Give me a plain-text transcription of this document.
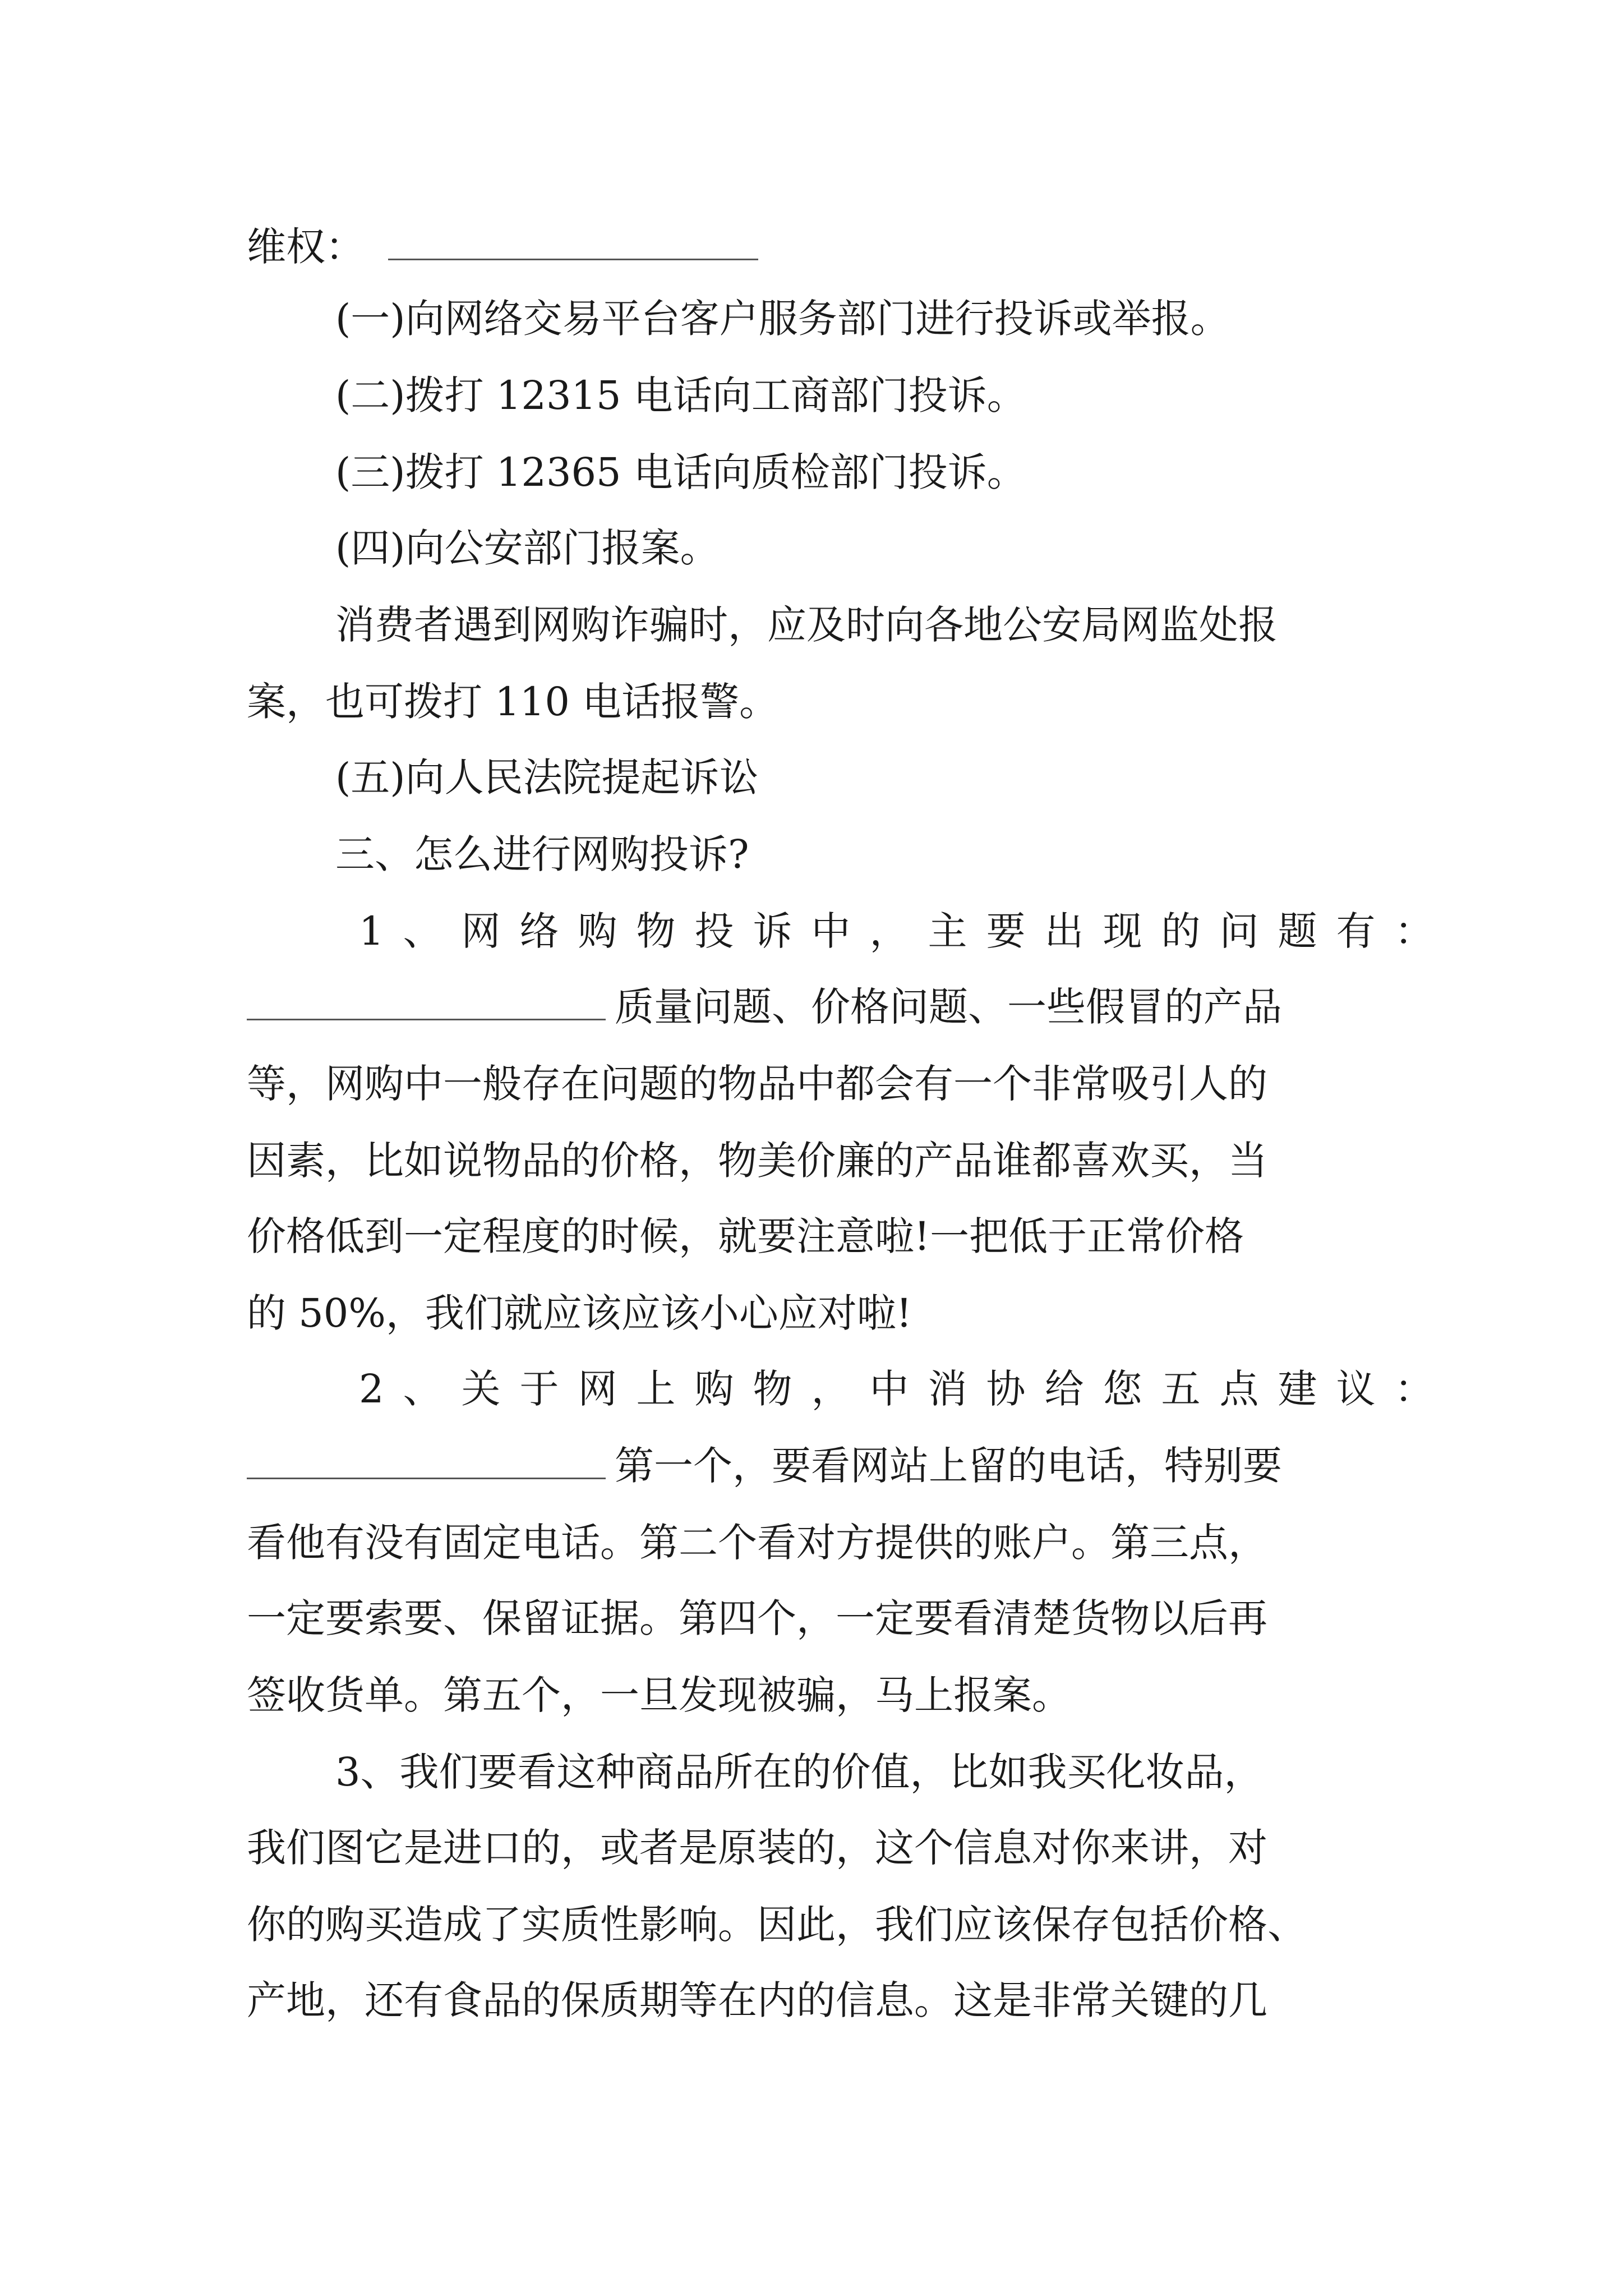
维权：
(一)向网络交易平台客户服务部门进行投诉或举报。
(二)拨打 12315 电话向工商部门投诉。
(三)拨打 12365 电话向质检部门投诉。
(四)向公安部门报案。
消费者遇到网购诈骗时，应及时向各地公安局网监处报
案，也可拨打 110 电话报警。
(五)向人民法院提起诉讼
三、怎么进行网购投诉?
1、网络购物投诉中，主要出现的问题有：
质量问题、价格问题、一些假冒的产品
等，网购中一般存在问题的物品中都会有一个非常吸引人的
因素，比如说物品的价格，物美价廉的产品谁都喜欢买，当
价格低到一定程度的时候，就要注意啦!一把低于正常价格
的 50%，我们就应该应该小心应对啦!
2、关于网上购物，中消协给您五点建议：
第一个，要看网站上留的电话，特别要
看他有没有固定电话。第二个看对方提供的账户。第三点，
一定要索要、保留证据。第四个，一定要看清楚货物以后再
签收货单。第五个，一旦发现被骗，马上报案。
3、我们要看这种商品所在的价值，比如我买化妆品，
我们图它是进口的，或者是原装的，这个信息对你来讲，对
你的购买造成了实质性影响。因此，我们应该保存包括价格、
产地，还有食品的保质期等在内的信息。这是非常关键的几
